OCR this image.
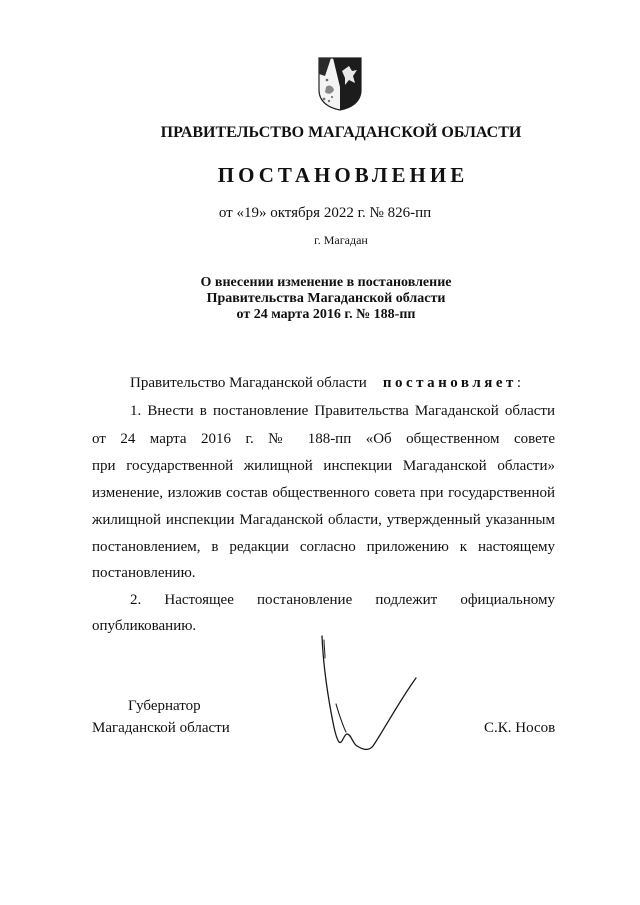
ПРАВИТЕЛЬСТВО МАГАДАНСКОЙ ОБЛАСТИ
ПОСТАНОВЛЕНИЕ
от «19» октября 2022 г. № 826-пп
г. Магадан
О внесении изменение в постановление
Правительства Магаданской области
от 24 марта 2016 г. № 188-пп
Правительство Магаданской области постановляет:
1. Внести в постановление Правительства Магаданской области
от 24 марта 2016 г. № 188-пп «Об общественном совете
при государственной жилищной инспекции Магаданской области»
изменение, изложив состав общественного совета при государственной
жилищной инспекции Магаданской области, утвержденный указанным
постановлением, в редакции согласно приложению к настоящему
постановлению.
2. Настоящее постановление подлежит официальному
опубликованию.
Губернатор
Магаданской области	С.К. Носов
